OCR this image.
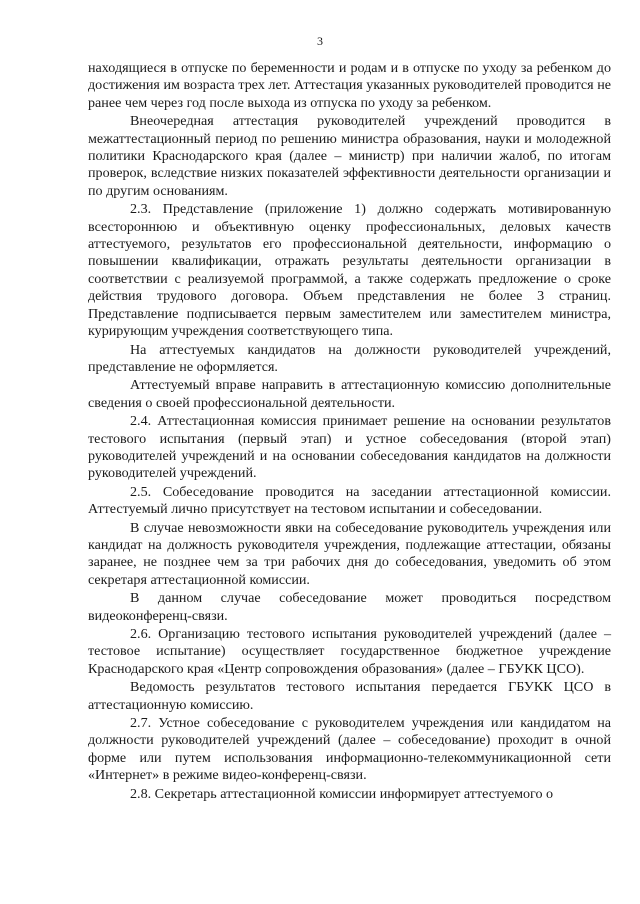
3

находящиеся в отпуске по беременности и родам и в отпуске по уходу за ребенком до достижения им возраста трех лет. Аттестация указанных руководителей проводится не ранее чем через год после выхода из отпуска по уходу за ребенком.

Внеочередная аттестация руководителей учреждений проводится в межаттестационный период по решению министра образования, науки и молодежной политики Краснодарского края (далее – министр) при наличии жалоб, по итогам проверок, вследствие низких показателей эффективности деятельности организации и по другим основаниям.

2.3. Представление (приложение 1) должно содержать мотивированную всестороннюю и объективную оценку профессиональных, деловых качеств аттестуемого, результатов его профессиональной деятельности, информацию о повышении квалификации, отражать результаты деятельности организации в соответствии с реализуемой программой, а также содержать предложение о сроке действия трудового договора. Объем представления не более 3 страниц. Представление подписывается первым заместителем или заместителем министра, курирующим учреждения соответствующего типа.

На аттестуемых кандидатов на должности руководителей учреждений, представление не оформляется.

Аттестуемый вправе направить в аттестационную комиссию дополнительные сведения о своей профессиональной деятельности.

2.4. Аттестационная комиссия принимает решение на основании результатов тестового испытания (первый этап) и устное собеседования (второй этап) руководителей учреждений и на основании собеседования кандидатов на должности руководителей учреждений.

2.5. Собеседование проводится на заседании аттестационной комиссии. Аттестуемый лично присутствует на тестовом испытании и собеседовании.

В случае невозможности явки на собеседование руководитель учреждения или кандидат на должность руководителя учреждения, подлежащие аттестации, обязаны заранее, не позднее чем за три рабочих дня до собеседования, уведомить об этом секретаря аттестационной комиссии.

В данном случае собеседование может проводиться посредством видеоконференц-связи.

2.6. Организацию тестового испытания руководителей учреждений (далее – тестовое испытание) осуществляет государственное бюджетное учреждение Краснодарского края «Центр сопровождения образования» (далее – ГБУКК ЦСО).

Ведомость результатов тестового испытания передается ГБУКК ЦСО в аттестационную комиссию.

2.7. Устное собеседование с руководителем учреждения или кандидатом на должности руководителей учреждений (далее – собеседование) проходит в очной форме или путем использования информационно-телекоммуникационной сети «Интернет» в режиме видео-конференц-связи.

2.8. Секретарь аттестационной комиссии информирует аттестуемого о
